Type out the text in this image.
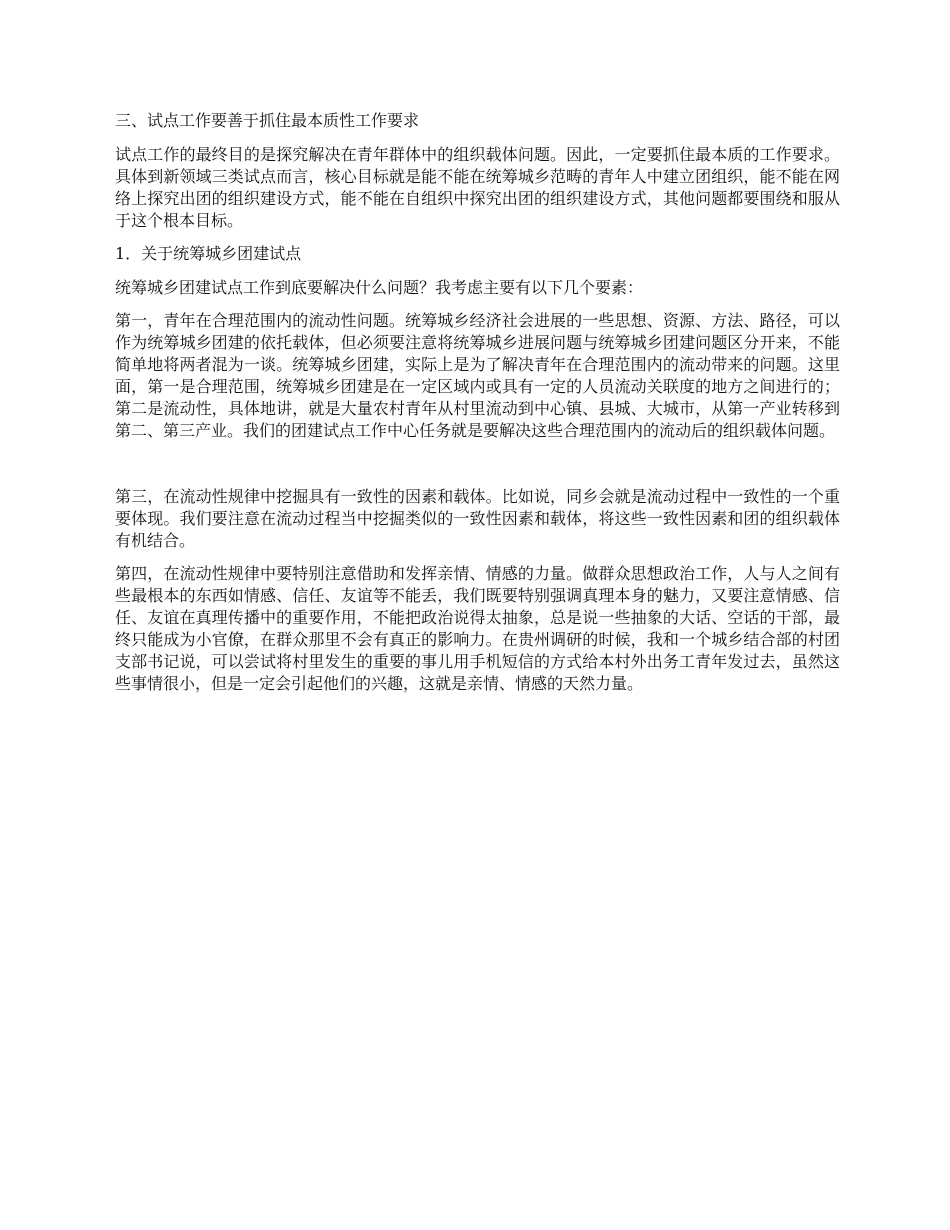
三、试点工作要善于抓住最本质性工作要求

试点工作的最终目的是探究解决在青年群体中的组织载体问题。因此，一定要抓住最本质的工作要求。具体到新领域三类试点而言，核心目标就是能不能在统筹城乡范畴的青年人中建立团组织，能不能在网络上探究出团的组织建设方式，能不能在自组织中探究出团的组织建设方式，其他问题都要围绕和服从于这个根本目标。

1．关于统筹城乡团建试点

统筹城乡团建试点工作到底要解决什么问题？我考虑主要有以下几个要素：

第一，青年在合理范围内的流动性问题。统筹城乡经济社会进展的一些思想、资源、方法、路径，可以作为统筹城乡团建的依托载体，但必须要注意将统筹城乡进展问题与统筹城乡团建问题区分开来，不能简单地将两者混为一谈。统筹城乡团建，实际上是为了解决青年在合理范围内的流动带来的问题。这里面，第一是合理范围，统筹城乡团建是在一定区域内或具有一定的人员流动关联度的地方之间进行的；第二是流动性，具体地讲，就是大量农村青年从村里流动到中心镇、县城、大城市，从第一产业转移到第二、第三产业。我们的团建试点工作中心任务就是要解决这些合理范围内的流动后的组织载体问题。

第三，在流动性规律中挖掘具有一致性的因素和载体。比如说，同乡会就是流动过程中一致性的一个重要体现。我们要注意在流动过程当中挖掘类似的一致性因素和载体，将这些一致性因素和团的组织载体有机结合。

第四，在流动性规律中要特别注意借助和发挥亲情、情感的力量。做群众思想政治工作，人与人之间有些最根本的东西如情感、信任、友谊等不能丢，我们既要特别强调真理本身的魅力，又要注意情感、信任、友谊在真理传播中的重要作用，不能把政治说得太抽象，总是说一些抽象的大话、空话的干部，最终只能成为小官僚，在群众那里不会有真正的影响力。在贵州调研的时候，我和一个城乡结合部的村团支部书记说，可以尝试将村里发生的重要的事儿用手机短信的方式给本村外出务工青年发过去，虽然这些事情很小，但是一定会引起他们的兴趣，这就是亲情、情感的天然力量。
